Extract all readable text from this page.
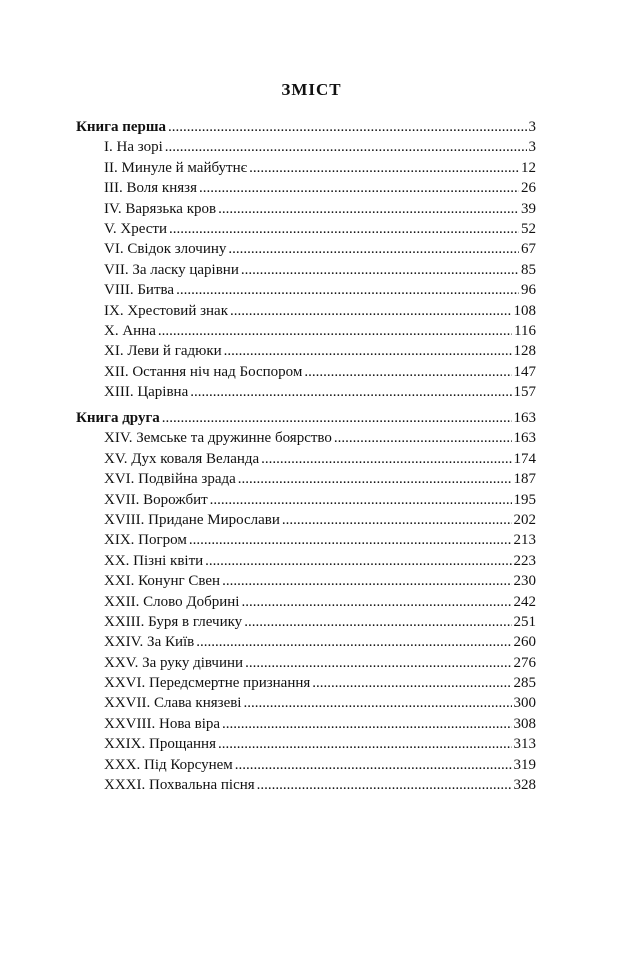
ЗМІСТ
Книга перша .....	3
I. На зорі .....	3
II. Минуле й майбутнє .....	12
III. Воля князя .....	26
IV. Варязька кров .....	39
V. Хрести .....	52
VI. Свідок злочину .....	67
VII. За ласку царівни .....	85
VIII. Битва .....	96
IX. Хрестовий знак .....	108
X. Анна .....	116
XI. Леви й гадюки .....	128
XII. Остання ніч над Боспором .....	147
XIII. Царівна .....	157
Книга друга .....	163
XIV. Земське та дружинне боярство .....	163
XV. Дух коваля Веланда .....	174
XVI. Подвійна зрада .....	187
XVII. Ворожбит .....	195
XVIII. Придане Мирослави .....	202
XIX. Погром .....	213
XX. Пізні квіти .....	223
XXI. Конунг Свен .....	230
XXII. Слово Добрині .....	242
XXIII. Буря в глечику .....	251
XXIV. За Київ .....	260
XXV. За руку дівчини .....	276
XXVI. Передсмертне признання .....	285
XXVII. Слава князеві .....	300
XXVIII. Нова віра .....	308
XXIX. Прощання .....	313
XXX. Під Корсунем .....	319
XXXI. Похвальна пісня .....	328
